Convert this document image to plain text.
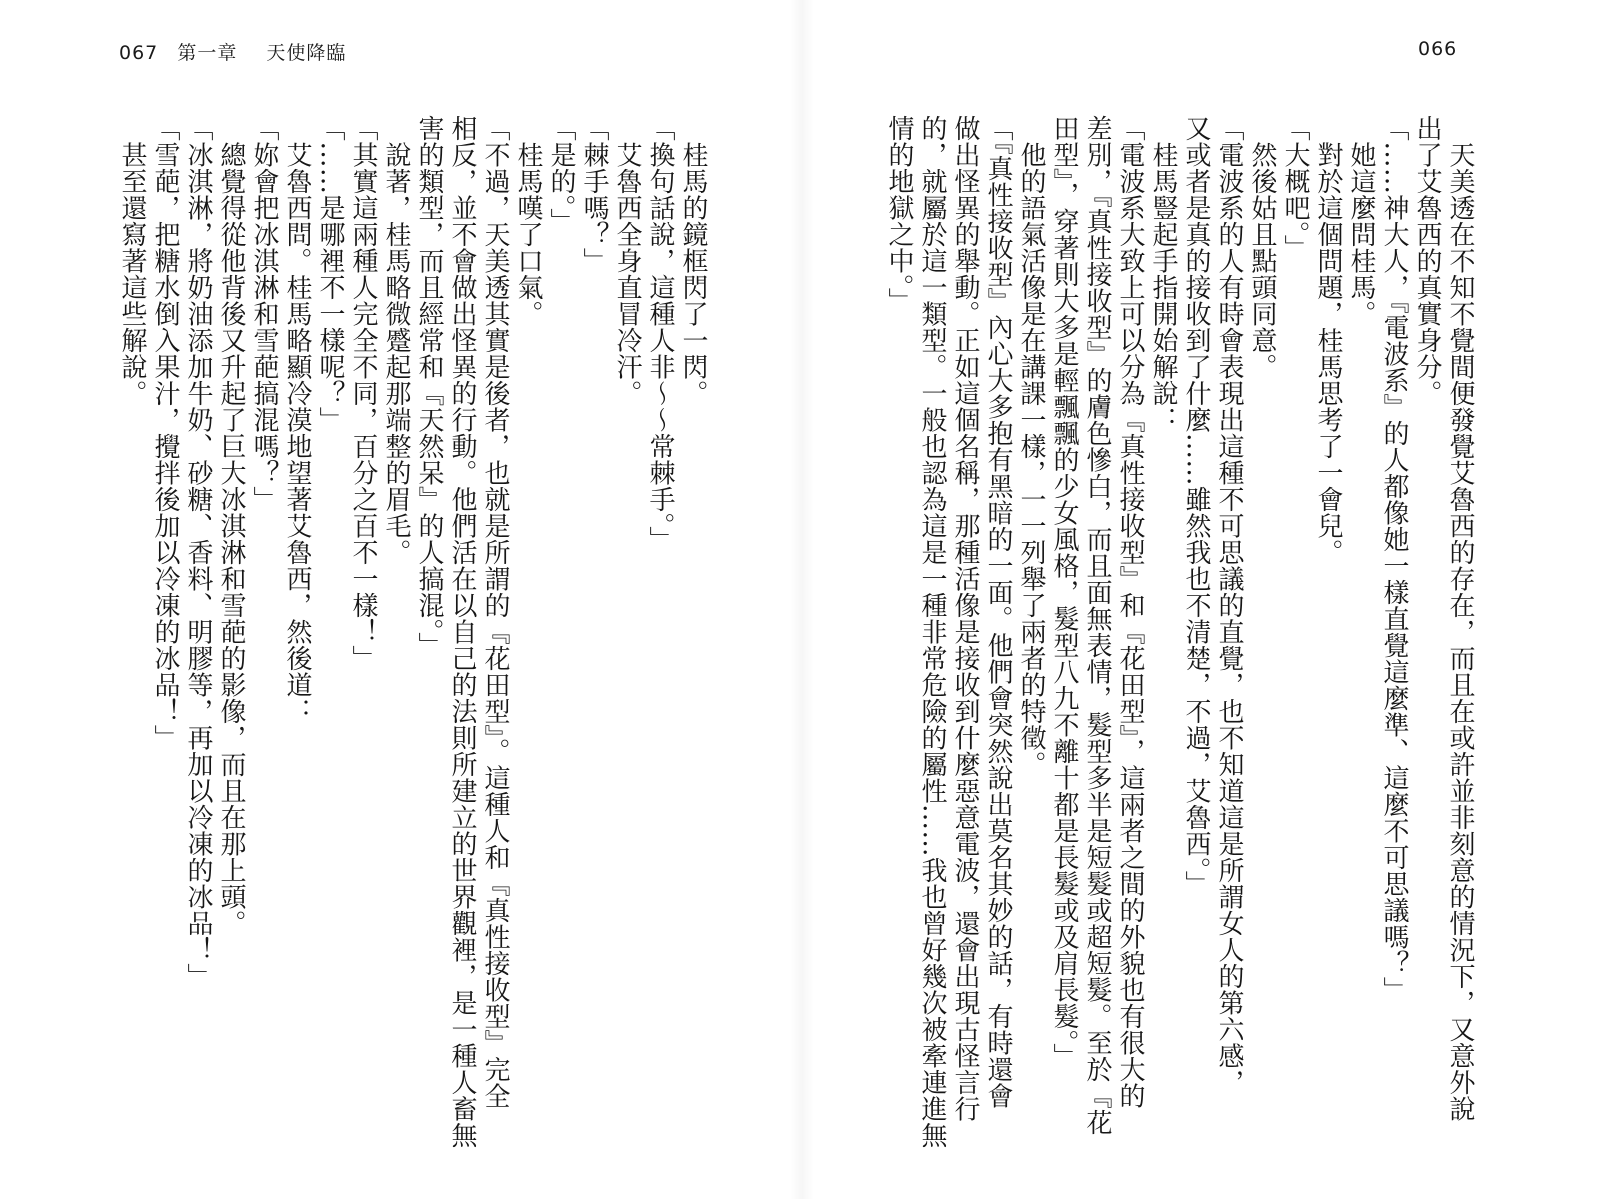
067 第一章 天使降臨	066
　天美透在不知不覺間便發覺艾魯西的存在，而且在或許並非刻意的情況下，又意外說
出了艾魯西的真實身分。
「……神大人，『電波系』的人都像她一樣直覺這麼準、這麼不可思議嗎？」
　她這麼問桂馬。
　對於這個問題，桂馬思考了一會兒。
「大概吧。」
　然後姑且點頭同意。
「電波系的人有時會表現出這種不可思議的直覺，也不知道這是所謂女人的第六感，
又或者是真的接收到了什麼……雖然我也不清楚，不過，艾魯西。」
　桂馬豎起手指開始解說：
「電波系大致上可以分為『真性接收型』和『花田型』，這兩者之間的外貌也有很大的
差別，『真性接收型』的膚色慘白，而且面無表情，髮型多半是短髮或超短髮。至於『花
田型』，穿著則大多是輕飄飄的少女風格，髮型八九不離十都是長髮或及肩長髮。」
　他的語氣活像是在講課一樣，一一列舉了兩者的特徵。
「『真性接收型』內心大多抱有黑暗的一面。他們會突然說出莫名其妙的話，有時還會
做出怪異的舉動。正如這個名稱，那種活像是接收到什麼惡意電波，還會出現古怪言行
的，就屬於這一類型。一般也認為這是一種非常危險的屬性……我也曾好幾次被牽連進無
情的地獄之中。」
　桂馬的鏡框閃了一閃。
「換句話說，這種人非〜〜常棘手。」
　艾魯西全身直冒冷汗。
「棘手嗎？」
「是的。」
　桂馬嘆了口氣。
「不過，天美透其實是後者，也就是所謂的『花田型』。這種人和『真性接收型』完全
相反，並不會做出怪異的行動。他們活在以自己的法則所建立的世界觀裡，是一種人畜無
害的類型，而且經常和『天然呆』的人搞混。」
　說著，桂馬略微蹙起那端整的眉毛。
「其實這兩種人完全不同，百分之百不一樣！」
「……是哪裡不一樣呢？」
　艾魯西問。桂馬略顯冷漠地望著艾魯西，然後道：
「妳會把冰淇淋和雪葩搞混嗎？」
　總覺得從他背後又升起了巨大冰淇淋和雪葩的影像，而且在那上頭。
「冰淇淋，將奶油添加牛奶、砂糖、香料、明膠等，再加以冷凍的冰品！」
「雪葩，把糖水倒入果汁，攪拌後加以冷凍的冰品！」
　甚至還寫著這些解說。
